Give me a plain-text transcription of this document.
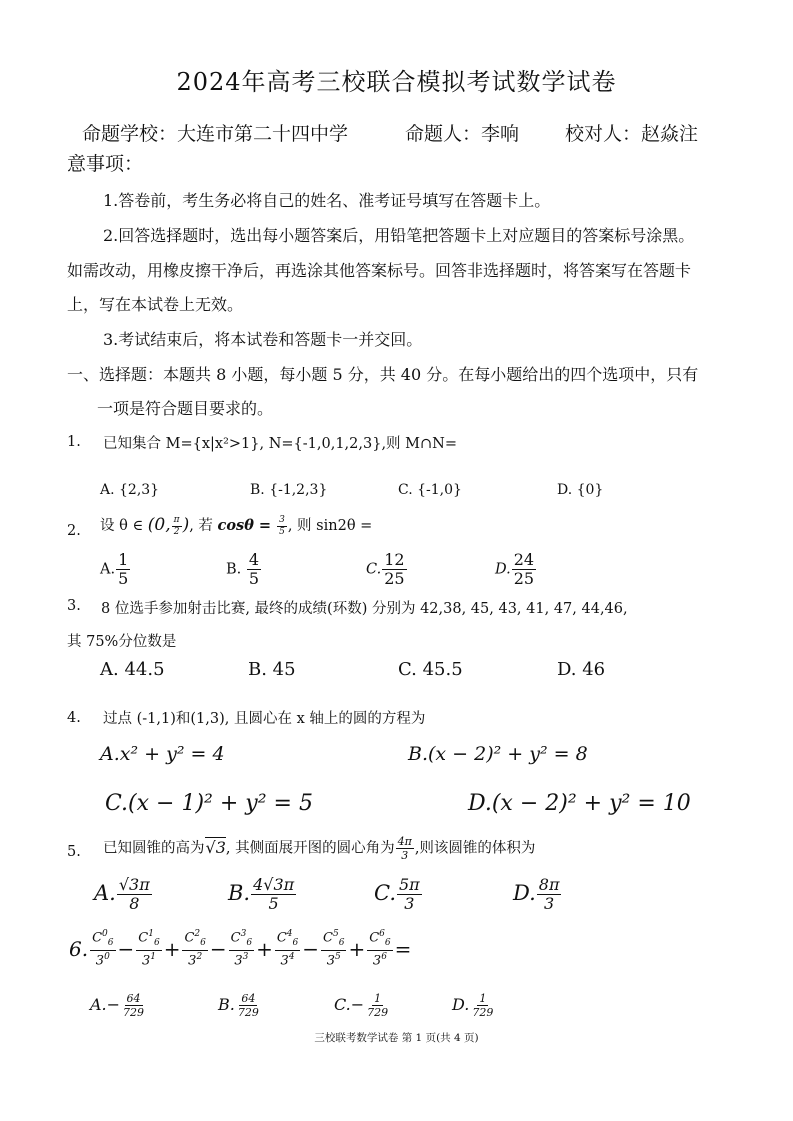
2024年高考三校联合模拟考试数学试卷
命题学校：大连市第二十四中学	命题人：李响 校对人：赵焱注
意事项：
1.答卷前，考生务必将自己的姓名、准考证号填写在答题卡上。
2.回答选择题时，选出每小题答案后，用铅笔把答题卡上对应题目的答案标号涂黑。
如需改动，用橡皮擦干净后，再选涂其他答案标号。回答非选择题时，将答案写在答题卡
上，写在本试卷上无效。
3.考试结束后，将本试卷和答题卡一并交回。
一、选择题：本题共 8 小题，每小题 5 分，共 40 分。在每小题给出的四个选项中，只有
一项是符合题目要求的。
1. 已知集合 M={x|x²>1}, N={-1,0,1,2,3},则 M∩N=
A. {2,3}	B. {-1,2,3}	C. {-1,0}	D. {0}
2. 设 θ ∈ (0, $\frac{\pi}{2}$ ), 若 $\cos\theta = \frac{3}{5}$ , 则 sin2θ =
A. $\frac{1}{5}$	B. $\frac{4}{5}$	C. $\frac{12}{25}$	D. $\frac{24}{25}$
3. 8 位选手参加射击比赛, 最终的成绩(环数) 分别为 42,38, 45, 43, 41, 47, 44,46,
其 75%分位数是
A. 44.5	B. 45	C. 45.5	D. 46
4. 过点 (-1,1)和(1,3), 且圆心在 x 轴上的圆的方程为
A.x² + y² = 4	B.(x − 2)² + y² = 8
C.(x − 1)² + y² = 5	D.(x − 2)² + y² = 10
5. 已知圆锥的高为√3, 其侧面展开图的圆心角为 $\frac{4\pi}{3}$ ,则该圆锥的体积为
A. $\frac{√3\pi}{8}$	B. $\frac{4√3\pi}{5}$	C. $\frac{5\pi}{3}$	D. $\frac{8\pi}{3}$
6. $C^0_6$
$3^0 - \frac{C^1_6}{3^1} + \frac{C^2_6}{3^2} - \frac{C^3_6}{3^3} + \frac{C^4_6}{3^4} - \frac{C^5_6}{3^5} + \frac{C^6_6}{3^6}$ =
$A.- \frac{64}{729}$	B. $\frac{64}{729}$	$C.- \frac{1}{729}$	D. $\frac{1}{729}$
三校联考数学试卷 第 1 页(共 4 页)
